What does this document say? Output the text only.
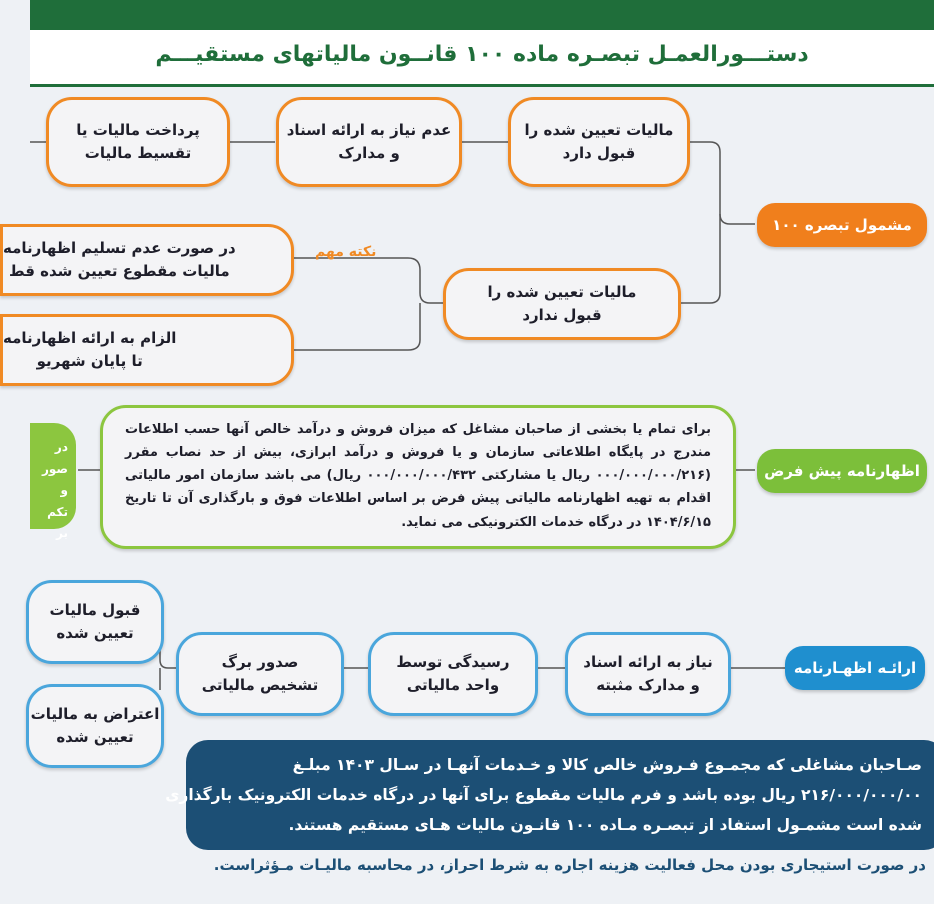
دستـــورالعمـل تبصـره ماده ۱۰۰ قانــون مالیاتهای مستقیـــم
مشمول تبصره ۱۰۰
مالیات تعیین شده را
قبول دارد
عدم نیاز به ارائه اسناد
و مدارک
پرداخت مالیات یا
تقسیط مالیات
مالیات تعیین شده را
قبول ندارد
نکته مهم
در صورت عدم تسلیم اظهارنامه
مالیات مقطوع تعیین شده قط
الزام به ارائه اظهارنامه
تا پایان شهریو
اظهارنامه پیش فرض
برای تمام یا بخشی از صاحبان مشاغل که میزان فروش و درآمد خالص آنها حسب اطلاعات مندرج در پایگاه اطلاعاتی سازمان و یا فروش و درآمد ابرازی، بیش از حد نصاب مقرر (۰۰۰/۰۰۰/۰۰۰/۲۱۶ ریال یا مشارکتی ۰۰۰/۰۰۰/۰۰۰/۴۳۲ ریال) می باشد سازمان امور مالیاتی اقدام به تهیه اظهارنامه مالیاتی پیش فرض بر اساس اطلاعات فوق و بارگذاری آن تا تاریخ ۱۴۰۴/۶/۱۵ در درگاه خدمات الکترونیکی می نماید.
در صور
و تکم
بر
ارائـه اظهـارنامه
نیاز به ارائه اسناد
و مدارک مثبته
رسیدگی توسط
واحد مالیاتی
صدور برگ
تشخیص مالیاتی
قبول مالیات
تعیین شده
اعتراض به مالیات
تعیین شده
صـاحبان مشاغلی که مجمـوع فـروش خالص کالا و خـدمات آنهـا در سـال ۱۴۰۳ مبلـغ
۲۱۶/۰۰۰/۰۰۰/۰۰ ریال بوده باشد و فرم مالیات مقطوع برای آنها در درگاه خدمات الکترونیک بارگذاری
شده است مشمـول استفاد از تبصـره مـاده ۱۰۰ قانـون مالیات هـای مستقیم هستند.
در صورت استیجاری بودن محل فعالیت هزینه اجاره به شرط احراز، در محاسبه مالیـات مـؤثراست.
